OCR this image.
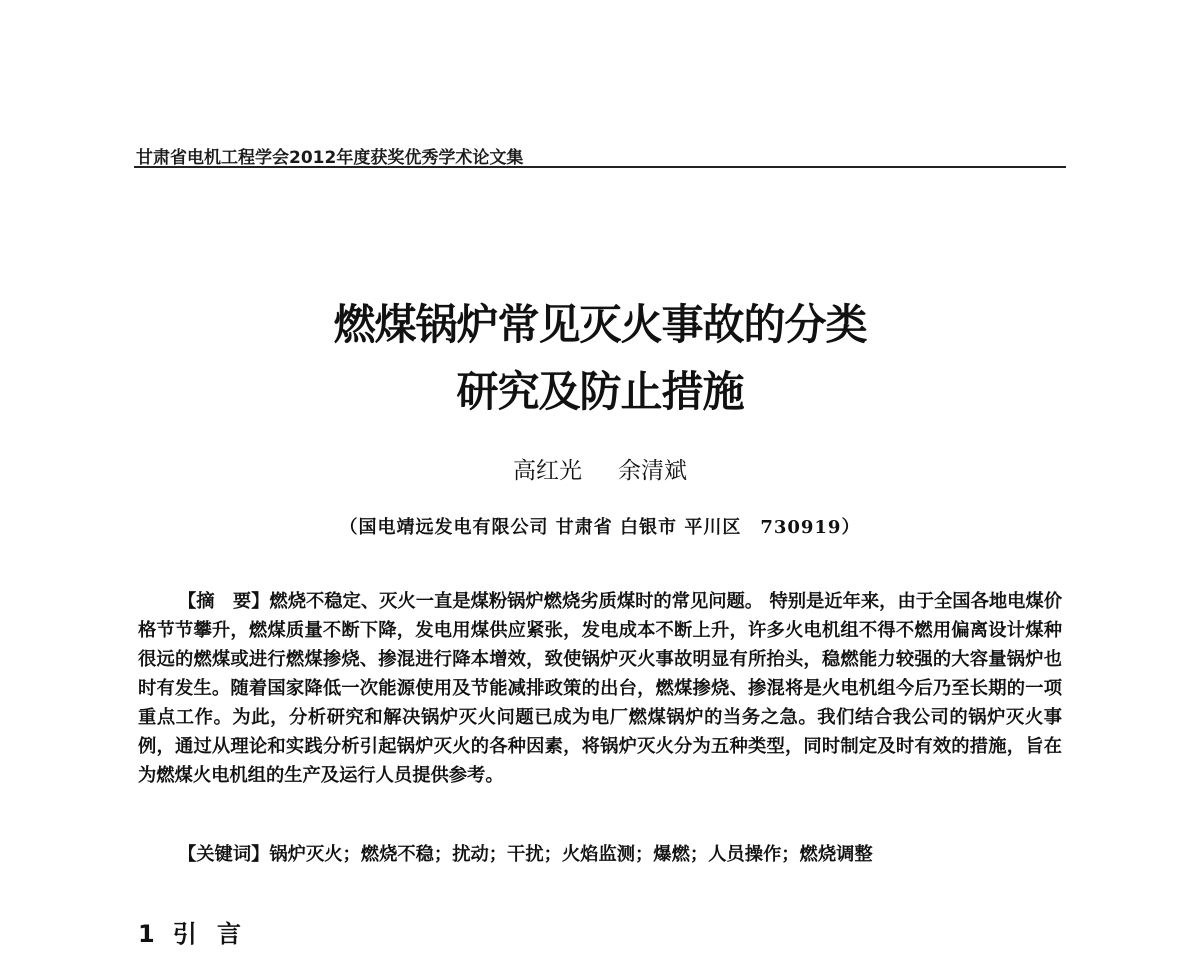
甘肃省电机工程学会2012年度获奖优秀学术论文集
燃煤锅炉常见灭火事故的分类
研究及防止措施
高红光 余清斌
（国电靖远发电有限公司 甘肃省 白银市 平川区　730919）

【摘　要】燃烧不稳定、灭火一直是煤粉锅炉燃烧劣质煤时的常见问题。 特别是近年来，由于全国各地电煤价格节节攀升，燃煤质量不断下降，发电用煤供应紧张，发电成本不断上升，许多火电机组不得不燃用偏离设计煤种很远的燃煤或进行燃煤掺烧、掺混进行降本增效，致使锅炉灭火事故明显有所抬头，稳燃能力较强的大容量锅炉也时有发生。随着国家降低一次能源使用及节能减排政策的出台，燃煤掺烧、掺混将是火电机组今后乃至长期的一项重点工作。为此，分析研究和解决锅炉灭火问题已成为电厂燃煤锅炉的当务之急。我们结合我公司的锅炉灭火事例，通过从理论和实践分析引起锅炉灭火的各种因素，将锅炉灭火分为五种类型，同时制定及时有效的措施，旨在为燃煤火电机组的生产及运行人员提供参考。

【关键词】锅炉灭火；燃烧不稳；扰动；干扰；火焰监测；爆燃；人员操作；燃烧调整

1 引 言
